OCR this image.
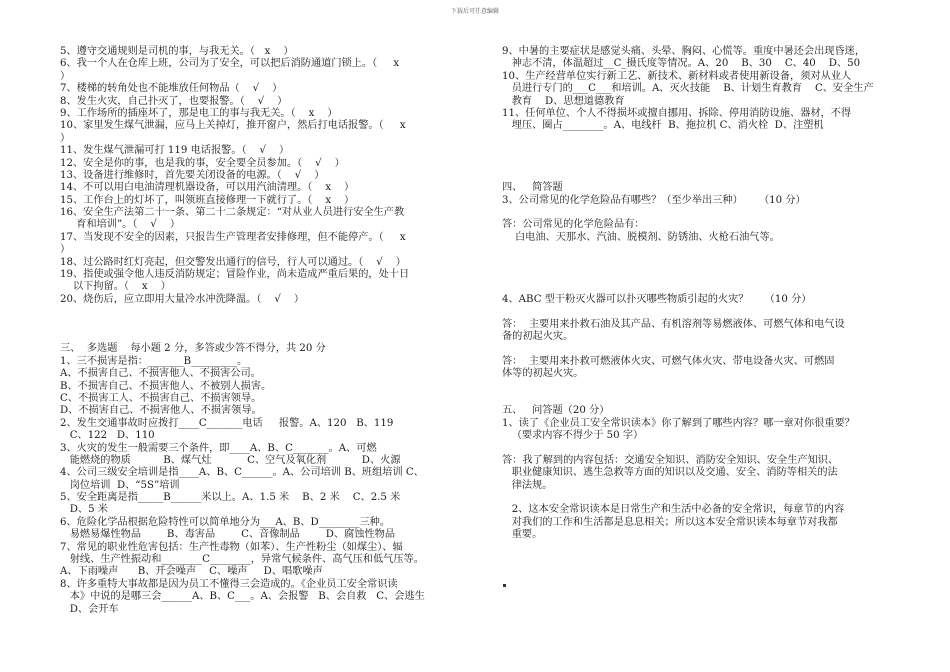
下载后可任意编辑
5、遵守交通规则是司机的事，与我无关。（   x    ）
6、我一个人在仓库上班，公司为了安全，可以把后消防通道门锁上。（     x
）
7、楼梯的转角处也不能堆放任何物品（    √    ）
8、发生火灾，自己扑灭了，也要报警。（    √    ）
9、工作场所的插座坏了，那是电工的事与我无关。（    x    ）
10、家里发生煤气泄漏，应马上关掉灯，推开窗户，然后打电话报警。（     x
）
11、发生煤气泄漏可打 119 电话报警。（    √    ）
12、安全是你的事，也是我的事，安全要全员参加。（    √    ）
13、设备进行维修时，首先要关闭设备的电源。（    √    ）
14、不可以用白电油清理机器设备，可以用汽油清理。（    x    ）
15、工作台上的灯坏了，叫领班直接修理一下就行了。（    x    ）
16、安全生产法第二十一条、第二十二条规定：“对从业人员进行安全生产教
育和培训”。（    √    ）
17、当发现不安全的因素，只报告生产管理者安排修理，但不能停产。（     x
）
18、过公路时红灯亮起，但交警发出通行的信号，行人可以通过。（    √    ）
19、指使或强令他人违反消防规定；冒险作业，尚未造成严重后果的，处十日
以下拘留。（    x    ）
20、烧伤后，应立即用大量冷水冲洗降温。（    √    ）
三、  多选题    每小题 2 分，多答或少答不得分，共 20 分
1、三不损害是指：_______B_________。
A、不损害自己、不损害他人、不损害公司。
B、不损害自己、不损害他人、不被别人损害。
C、不损害工人、不损害自己、不损害领导。
D、不损害自己、不损害他人、不损害领导。
2、发生交通事故时应拨打____C_______电话     报警。A、120   B、119
C、122   D、110
3、火灾的发生一般需要三个条件，即____A、B、C_______。A、可燃
能燃烧的物质          B、煤气灶           C、空气及氧化剂           D、火源
4、公司三级安全培训是指____A、B、C______。A、公司培训 B、班组培训 C、
岗位培训  D、“5S”培训
5、安全距离是指_____B______米以上。A、1.5 米    B、2 米    C、2.5 米
D、5 米
6、危险化学品根据危险特性可以简单地分为___A、B、D________三种。
易燃易爆性物品        B、毒害品        C、音像制品        D、腐蚀性物品
7、常见的职业性危害包括：生产性毒物（如苯）、生产性粉尘（如煤尘）、辐
射线、生产性振动和________C________，异常气候条件、高气压和低气压等。
A、下雨噪声      B、开会噪声    C、噪声     D、唱歌噪声
8、许多重特大事故都是因为员工不懂得三会造成的。《企业员工安全常识读
本》中说的是哪三会______A、B、C___。A、会报警   B、会自救   C、会逃生
D、会开车
9、中暑的主要症状是感觉头痛、头晕、胸闷、心慌等。重度中暑还会出现昏迷，
神志不清，体温超过__C_摄氏度等情况。A、20    B、30    C、40    D、50
10、生产经营单位实行新工艺、新技术、新材料或者使用新设备，须对从业人
员进行专门的___C___和培训。A、灭火技能    B、计划生育教育    C、安全生产
教育    D、思想道德教育
11、任何单位、个人不得损坏或擅自挪用、拆除、停用消防设施、器材，不得
埋压、圈占________。A、电线杆  B、拖拉机 C、消火栓  D、注塑机
四、   简答题
3、公司常见的化学危险品有哪些？（至少举出三种）     （10 分）
答：公司常见的化学危险品有：
白电油、天那水、汽油、脱模剂、防锈油、火枪石油气等。
4、ABC 型干粉灭火器可以扑灭哪些物质引起的火灾？     （10 分）
答：  主要用来扑救石油及其产品、有机溶剂等易燃液体、可燃气体和电气设
备的初起火灾。
答：  主要用来扑救可燃液体火灾、可燃气体火灾、带电设备火灾、可燃固
体等的初起火灾。
五、   问答题（20 分）
1、读了《企业员工安全常识读本》你了解到了哪些内容？哪一章对你很重要？
（要求内容不得少于 50 字）
答：我了解到的内容包括：交通安全知识、消防安全知识、安全生产知识、
职业健康知识、逃生急救等方面的知识以及交通、安全、消防等相关的法
律法规。
2、这本安全常识读本是日常生产和生活中必备的安全常识，每章节的内容
对我们的工作和生活都是息息相关；所以这本安全常识读本每章节对我都
重要。
